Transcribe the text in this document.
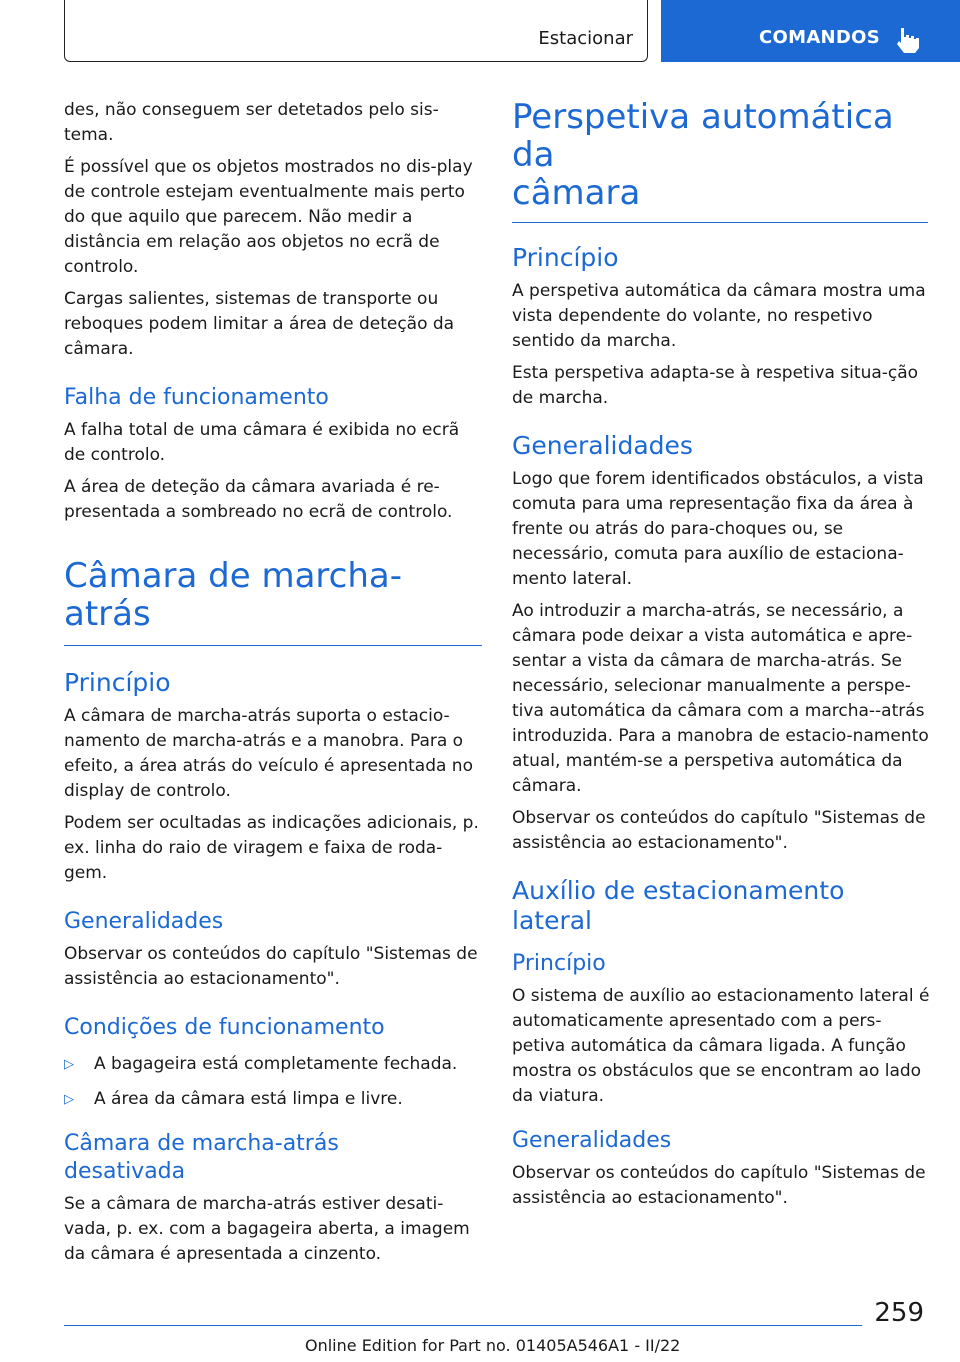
Estacionar	COMANDOS

des, não conseguem ser detetados pelo sis-tema.

É possível que os objetos mostrados no dis-play de controle estejam eventualmente mais perto do que aquilo que parecem. Não medir a distância em relação aos objetos no ecrã de controlo.

Cargas salientes, sistemas de transporte ou reboques podem limitar a área de deteção da câmara.

Falha de funcionamento

A falha total de uma câmara é exibida no ecrã de controlo.

A área de deteção da câmara avariada é re-presentada a sombreado no ecrã de controlo.

Câmara de marcha-atrás
Princípio

A câmara de marcha-atrás suporta o estacio-namento de marcha-atrás e a manobra. Para o efeito, a área atrás do veículo é apresentada no display de controlo.

Podem ser ocultadas as indicações adicionais, p. ex. linha do raio de viragem e faixa de roda-gem.

Generalidades

Observar os conteúdos do capítulo "Sistemas de assistência ao estacionamento".

Condições de funcionamento
▷ A bagageira está completamente fechada.
▷ A área da câmara está limpa e livre.
Câmara de marcha-atrás
desativada

Se a câmara de marcha-atrás estiver desati-vada, p. ex. com a bagageira aberta, a imagem da câmara é apresentada a cinzento.

Perspetiva automática da
câmara
Princípio

A perspetiva automática da câmara mostra uma vista dependente do volante, no respetivo sentido da marcha.

Esta perspetiva adapta-se à respetiva situa-ção de marcha.

Generalidades

Logo que forem identificados obstáculos, a vista comuta para uma representação fixa da área à frente ou atrás do para-choques ou, se necessário, comuta para auxílio de estaciona-mento lateral.

Ao introduzir a marcha-atrás, se necessário, a câmara pode deixar a vista automática e apre-sentar a vista da câmara de marcha-atrás. Se necessário, selecionar manualmente a perspe-tiva automática da câmara com a marcha--atrás introduzida. Para a manobra de estacio-namento atual, mantém-se a perspetiva automática da câmara.

Observar os conteúdos do capítulo "Sistemas de assistência ao estacionamento".

Auxílio de estacionamento lateral
Princípio

O sistema de auxílio ao estacionamento lateral é automaticamente apresentado com a pers-petiva automática da câmara ligada. A função mostra os obstáculos que se encontram ao lado da viatura.

Generalidades

Observar os conteúdos do capítulo "Sistemas de assistência ao estacionamento".

259
Online Edition for Part no. 01405A546A1 - II/22
